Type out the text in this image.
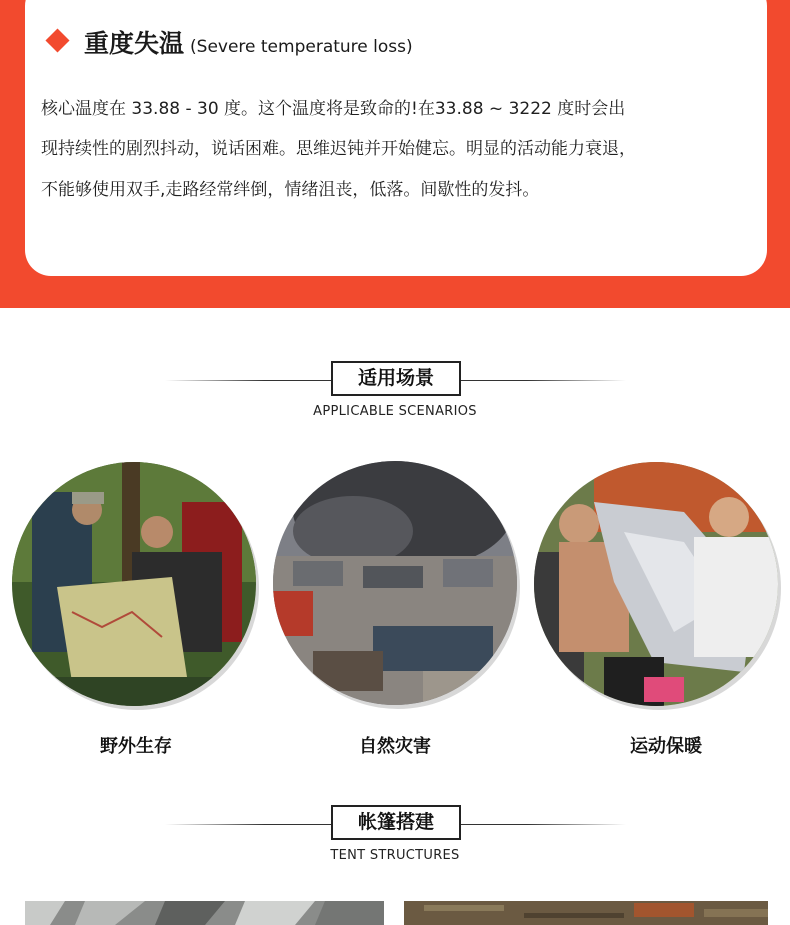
重度失温 (Severe temperature loss)
核心温度在 33.88 - 30 度。这个温度将是致命的!在33.88 ~ 3222 度时会出
现持续性的剧烈抖动，说话困难。思维迟钝并开始健忘。明显的活动能力衰退，
不能够使用双手,走路经常绊倒，情绪沮丧，低落。间歇性的发抖。
适用场景
APPLICABLE SCENARIOS
野外生存	自然灾害	运动保暖
帐篷搭建
TENT STRUCTURES
